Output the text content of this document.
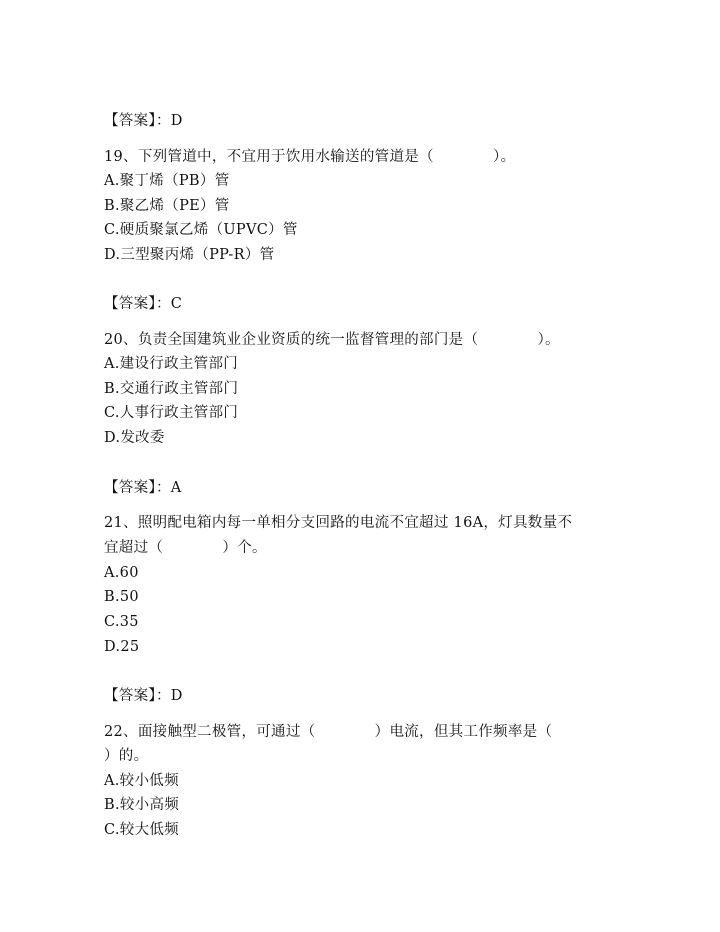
【答案】：D
19、下列管道中，不宜用于饮用水输送的管道是（　　　　）。
A.聚丁烯（PB）管
B.聚乙烯（PE）管
C.硬质聚氯乙烯（UPVC）管
D.三型聚丙烯（PP-R）管
【答案】：C
20、负责全国建筑业企业资质的统一监督管理的部门是（　　　　）。
A.建设行政主管部门
B.交通行政主管部门
C.人事行政主管部门
D.发改委
【答案】：A
21、照明配电箱内每一单相分支回路的电流不宜超过 16A，灯具数量不
宜超过（　　　　）个。
A.60
B.50
C.35
D.25
【答案】：D
22、面接触型二极管，可通过（　　　　）电流，但其工作频率是（
）的。
A.较小低频
B.较小高频
C.较大低频
